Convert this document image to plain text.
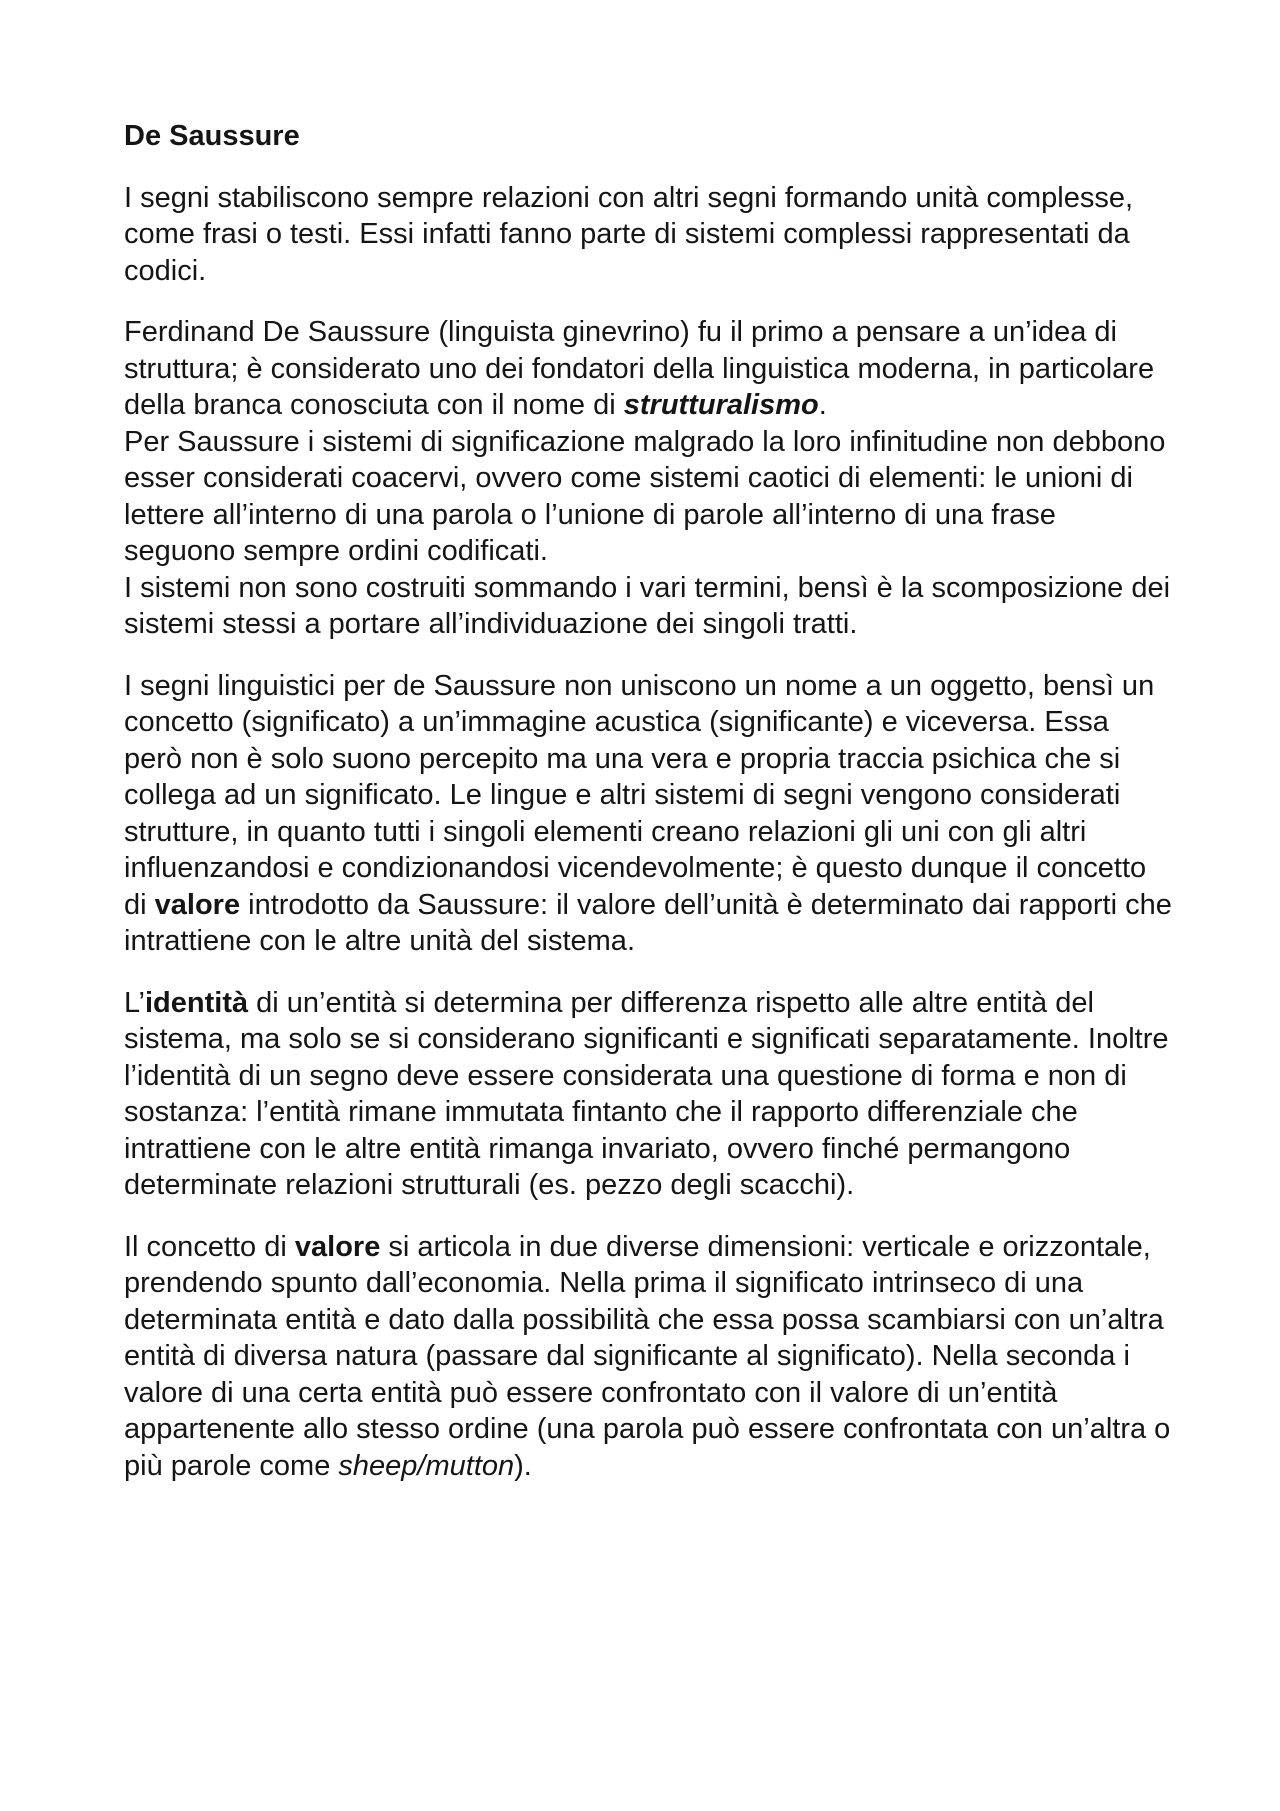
De Saussure

I segni stabiliscono sempre relazioni con altri segni formando unità complesse, come frasi o testi. Essi infatti fanno parte di sistemi complessi rappresentati da codici.

Ferdinand De Saussure (linguista ginevrino) fu il primo a pensare a un’idea di struttura; è considerato uno dei fondatori della linguistica moderna, in particolare della branca conosciuta con il nome di strutturalismo.

Per Saussure i sistemi di significazione malgrado la loro infinitudine non debbono esser considerati coacervi, ovvero come sistemi caotici di elementi: le unioni di lettere all’interno di una parola o l’unione di parole all’interno di una frase seguono sempre ordini codificati.

I sistemi non sono costruiti sommando i vari termini, bensì è la scomposizione dei sistemi stessi a portare all’individuazione dei singoli tratti.

I segni linguistici per de Saussure non uniscono un nome a un oggetto, bensì un concetto (significato) a un’immagine acustica (significante) e viceversa. Essa però non è solo suono percepito ma una vera e propria traccia psichica che si collega ad un significato. Le lingue e altri sistemi di segni vengono considerati strutture, in quanto tutti i singoli elementi creano relazioni gli uni con gli altri influenzandosi e condizionandosi vicendevolmente; è questo dunque il concetto di valore introdotto da Saussure: il valore dell’unità è determinato dai rapporti che intrattiene con le altre unità del sistema.

L’identità di un’entità si determina per differenza rispetto alle altre entità del sistema, ma solo se si considerano significanti e significati separatamente. Inoltre l’identità di un segno deve essere considerata una questione di forma e non di sostanza: l’entità rimane immutata fintanto che il rapporto differenziale che intrattiene con le altre entità rimanga invariato, ovvero finché permangono determinate relazioni strutturali (es. pezzo degli scacchi).

Il concetto di valore si articola in due diverse dimensioni: verticale e orizzontale, prendendo spunto dall’economia. Nella prima il significato intrinseco di una determinata entità e dato dalla possibilità che essa possa scambiarsi con un’altra entità di diversa natura (passare dal significante al significato). Nella seconda i valore di una certa entità può essere confrontato con il valore di un’entità appartenente allo stesso ordine (una parola può essere confrontata con un’altra o più parole come sheep/mutton).
